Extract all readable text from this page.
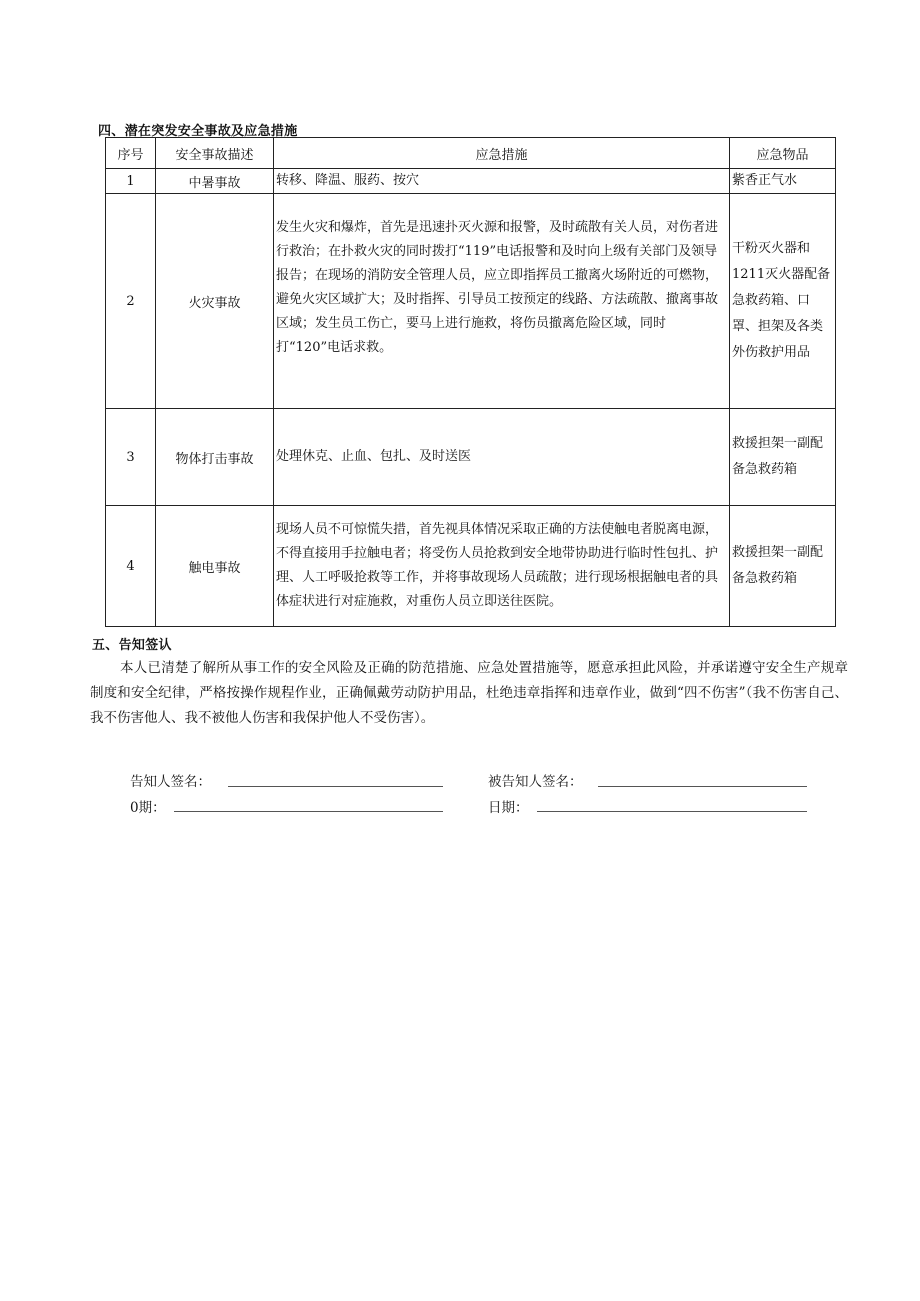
四、潜在突发安全事故及应急措施
序号	安全事故描述	应急措施	应急物品
1	中暑事故	转移、降温、服药、按穴	紫香正气水
2	火灾事故	发生火灾和爆炸，首先是迅速扑灭火源和报警，及时疏散有关人员，对伤者进行救治；在扑救火灾的同时拨打“119”电话报警和及时向上级有关部门及领导报告；在现场的消防安全管理人员，应立即指挥员工撤离火场附近的可燃物，避免火灾区域扩大；及时指挥、引导员工按预定的线路、方法疏散、撤离事故区域；发生员工伤亡，要马上进行施救，将伤员撤离危险区域，同时打“120”电话求救。	干粉灭火器和1211灭火器配备急救药箱、口罩、担架及各类外伤救护用品
3	物体打击事故	处理休克、止血、包扎、及时送医	救援担架一副配备急救药箱
4	触电事故	现场人员不可惊慌失措，首先视具体情况采取正确的方法使触电者脱离电源，不得直接用手拉触电者；将受伤人员抢救到安全地带协助进行临时性包扎、护理、人工呼吸抢救等工作，并将事故现场人员疏散；进行现场根据触电者的具体症状进行对症施救，对重伤人员立即送往医院。	救援担架一副配备急救药箱
五、告知签认
本人已清楚了解所从事工作的安全风险及正确的防范措施、应急处置措施等，愿意承担此风险，并承诺遵守安全生产规章制度和安全纪律，严格按操作规程作业，正确佩戴劳动防护用品，杜绝违章指挥和违章作业，做到“四不伤害”（我不伤害自己、我不伤害他人、我不被他人伤害和我保护他人不受伤害）。
告知人签名：
0期：
被告知人签名：
日期：
